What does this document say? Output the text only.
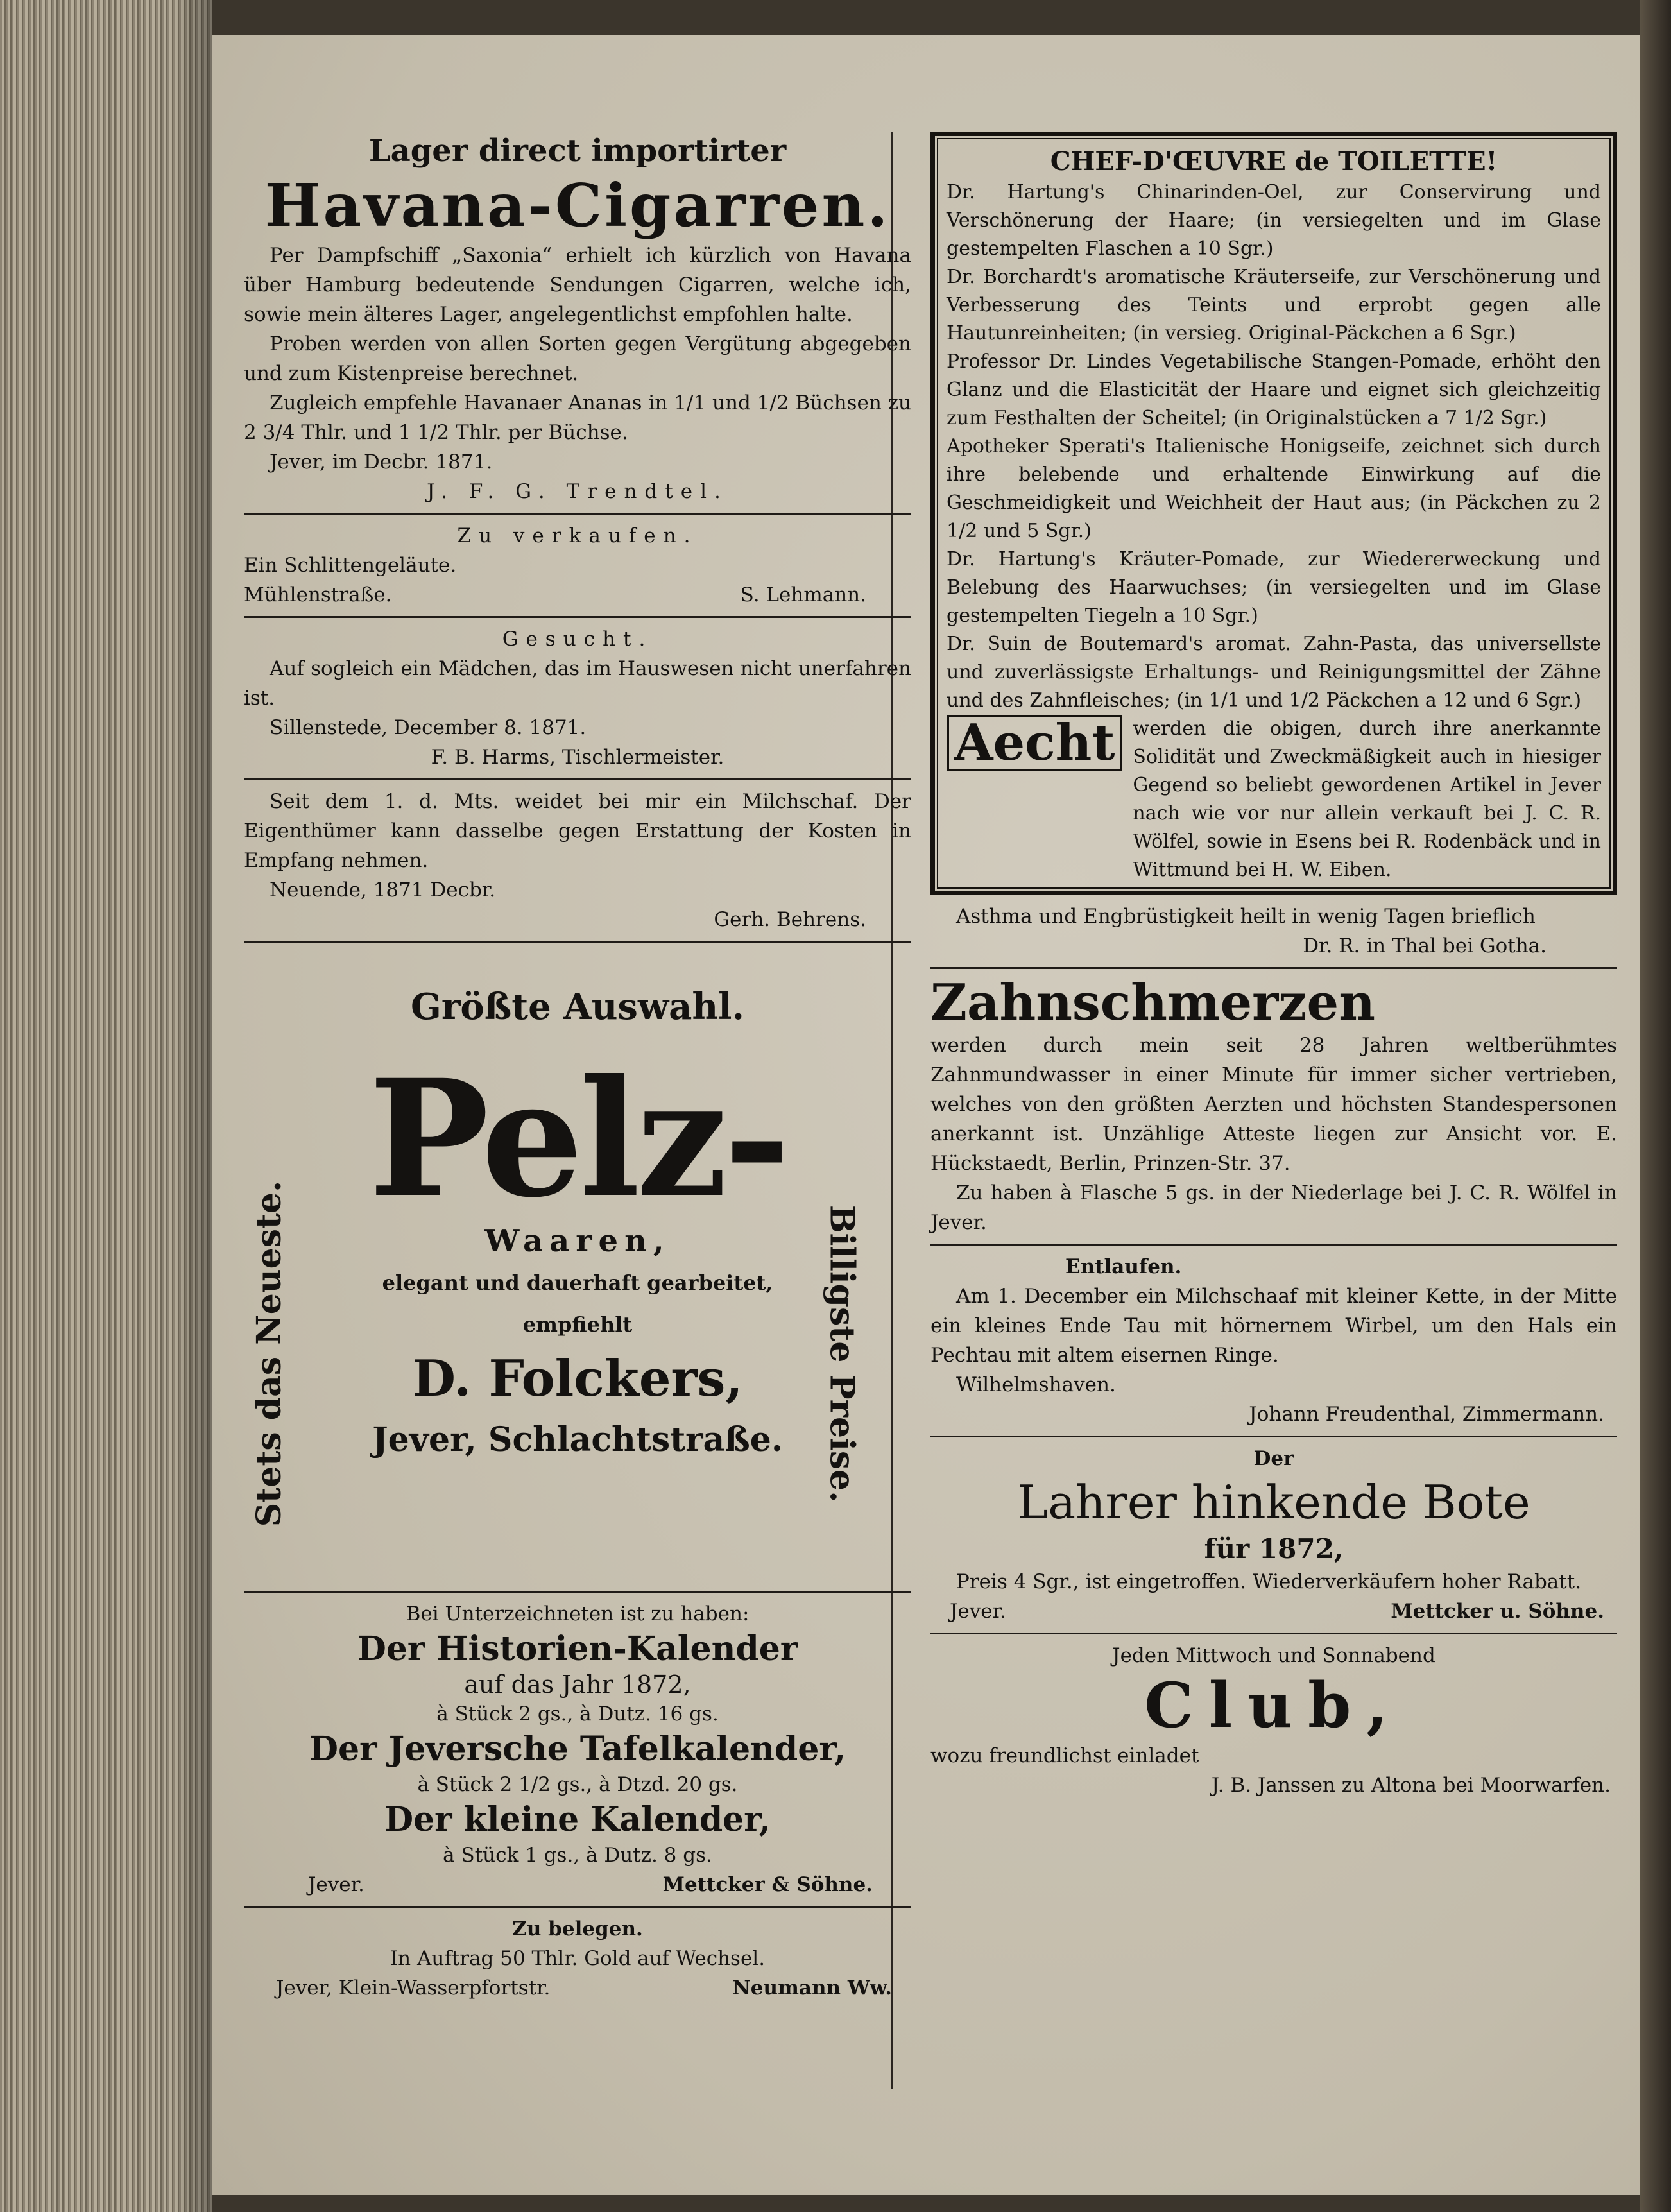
Lager direct importirter
Havana-Cigarren.

Per Dampfschiff „Saxonia“ erhielt ich kürzlich von Havana über Hamburg bedeutende Sendungen Cigarren, welche ich, sowie mein älteres Lager, angelegentlichst empfohlen halte.

Proben werden von allen Sorten gegen Vergütung abgegeben und zum Kistenpreise berechnet.

Zugleich empfehle Havanaer Ananas in 1/1 und 1/2 Büchsen zu 2 3/4 Thlr. und 1 1/2 Thlr. per Büchse.

Jever, im Decbr. 1871.

J. F. G. Trendtel.

Zu verkaufen.

Ein Schlittengeläute.

Mühlenstraße.	S. Lehmann.

Gesucht.

Auf sogleich ein Mädchen, das im Hauswesen nicht unerfahren ist.

Sillenstede, December 8. 1871.

F. B. Harms, Tischlermeister.

Seit dem 1. d. Mts. weidet bei mir ein Milchschaf. Der Eigenthümer kann dasselbe gegen Erstattung der Kosten in Empfang nehmen.

Neuende, 1871 Decbr.

Gerh. Behrens.

Größte Auswahl.
Stets das Neueste.	Billigste Preise.
Pelz-
Waaren,
elegant und dauerhaft gearbeitet,
empfiehlt
D. Folckers,
Jever, Schlachtstraße.

Bei Unterzeichneten ist zu haben:

Der Historien-Kalender

auf das Jahr 1872,

à Stück 2 gs., à Dutz. 16 gs.

Der Jeversche Tafelkalender,

à Stück 2 1/2 gs., à Dtzd. 20 gs.

Der kleine Kalender,

à Stück 1 gs., à Dutz. 8 gs.

Jever.	Mettcker & Söhne.

Zu belegen.

In Auftrag 50 Thlr. Gold auf Wechsel.

Jever, Klein-Wasserpfortstr.	Neumann Ww.
CHEF-D'ŒUVRE de TOILETTE!

Dr. Hartung's Chinarinden-Oel, zur Conservirung und Verschönerung der Haare; (in versiegelten und im Glase gestempelten Flaschen a 10 Sgr.)

Dr. Borchardt's aromatische Kräuterseife, zur Verschönerung und Verbesserung des Teints und erprobt gegen alle Hautunreinheiten; (in versieg. Original-Päckchen a 6 Sgr.)

Professor Dr. Lindes Vegetabilische Stangen-Pomade, erhöht den Glanz und die Elasticität der Haare und eignet sich gleichzeitig zum Festhalten der Scheitel; (in Originalstücken a 7 1/2 Sgr.)

Apotheker Sperati's Italienische Honigseife, zeichnet sich durch ihre belebende und erhaltende Einwirkung auf die Geschmeidigkeit und Weichheit der Haut aus; (in Päckchen zu 2 1/2 und 5 Sgr.)

Dr. Hartung's Kräuter-Pomade, zur Wiedererweckung und Belebung des Haarwuchses; (in versiegelten und im Glase gestempelten Tiegeln a 10 Sgr.)

Dr. Suin de Boutemard's aromat. Zahn-Pasta, das universellste und zuverlässigste Erhaltungs- und Reinigungsmittel der Zähne und des Zahnfleisches; (in 1/1 und 1/2 Päckchen a 12 und 6 Sgr.)

Aecht werden die obigen, durch ihre anerkannte Solidität und Zweckmäßigkeit auch in hiesiger Gegend so beliebt gewordenen Artikel in Jever nach wie vor nur allein verkauft bei J. C. R. Wölfel, sowie in Esens bei R. Rodenbäck und in Wittmund bei H. W. Eiben.

Asthma und Engbrüstigkeit heilt in wenig Tagen brieflich

Dr. R. in Thal bei Gotha.

Zahnschmerzen

werden durch mein seit 28 Jahren weltberühmtes Zahnmundwasser in einer Minute für immer sicher vertrieben, welches von den größten Aerzten und höchsten Standespersonen anerkannt ist. Unzählige Atteste liegen zur Ansicht vor. E. Hückstaedt, Berlin, Prinzen-Str. 37.

Zu haben à Flasche 5 gs. in der Niederlage bei J. C. R. Wölfel in Jever.

Entlaufen.

Am 1. December ein Milchschaaf mit kleiner Kette, in der Mitte ein kleines Ende Tau mit hörnernem Wirbel, um den Hals ein Pechtau mit altem eisernen Ringe.

Wilhelmshaven.

Johann Freudenthal, Zimmermann.

Der

Lahrer hinkende Bote
für 1872,

Preis 4 Sgr., ist eingetroffen. Wiederverkäufern hoher Rabatt.

Jever.	Mettcker u. Söhne.

Jeden Mittwoch und Sonnabend

Club,

wozu freundlichst einladet

J. B. Janssen zu Altona bei Moorwarfen.
